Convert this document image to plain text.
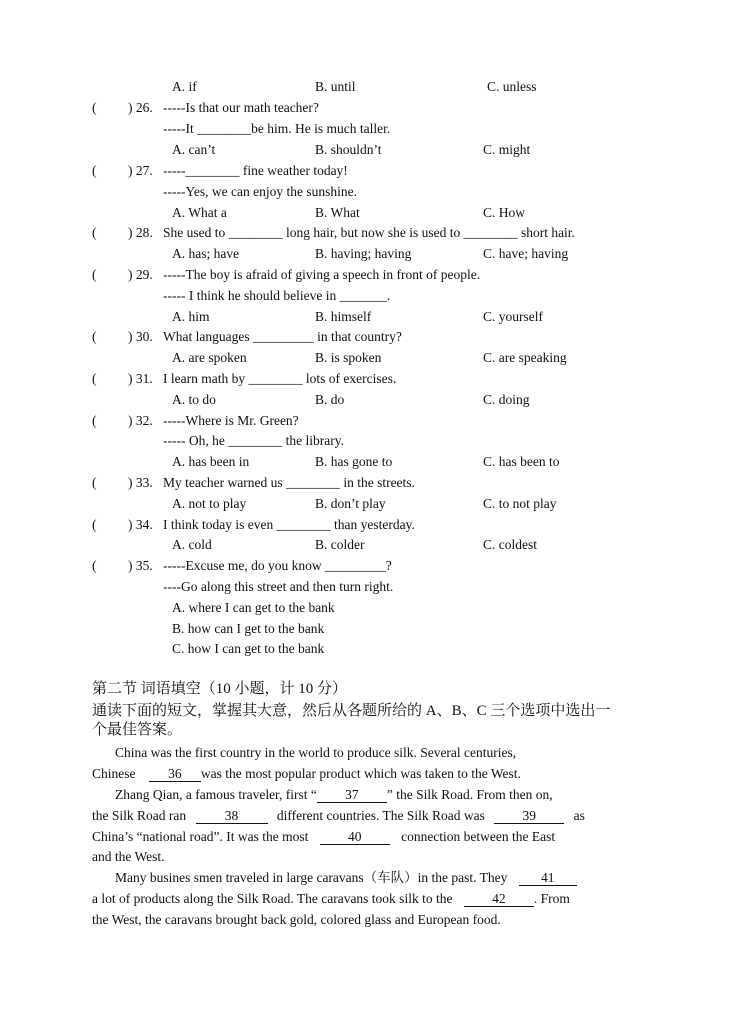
A. if	B. until	C. unless
( ) 26. -----Is that our math teacher?
-----It ________be him. He is much taller.
A. can’t	B. shouldn’t	C. might
( ) 27. -----________ fine weather today!
-----Yes, we can enjoy the sunshine.
A. What a	B. What	C. How
( ) 28. She used to ________ long hair, but now she is used to ________ short hair.
A. has; have	B. having; having	C. have; having
( ) 29. -----The boy is afraid of giving a speech in front of people.
----- I think he should believe in _______.
A. him	B. himself	C. yourself
( ) 30. What languages _________ in that country?
A. are spoken	B. is spoken	C. are speaking
( ) 31. I learn math by ________ lots of exercises.
A. to do	B. do	C. doing
( ) 32. -----Where is Mr. Green?
----- Oh, he ________ the library.
A. has been in	B. has gone to	C. has been to
( ) 33. My teacher warned us ________ in the streets.
A. not to play	B. don’t play	C. to not play
( ) 34. I think today is even ________ than yesterday.
A. cold	B. colder	C. coldest
( ) 35. -----Excuse me, do you know _________?
----Go along this street and then turn right.
A. where I can get to the bank
B. how can I get to the bank
C. how I can get to the bank
第二节 词语填空（10 小题，计 10 分）
通读下面的短文，掌握其大意，然后从各题所给的 A、B、C 三个选项中选出一
个最佳答案。
China was the first country in the world to produce silk. Several centuries,
Chinese 36 was the most popular product which was taken to the West.
Zhang Qian, a famous traveler, first “ 37 ” the Silk Road. From then on,
the Silk Road ran	38	different countries. The Silk Road was	39	as
China’s “national road”. It was the most	40	connection between the East
and the West.
Many busines smen traveled in large caravans（车队）in the past. They 41
a lot of products along the Silk Road. The caravans took silk to the	42 . From
the West, the caravans brought back gold, colored glass and European food.
